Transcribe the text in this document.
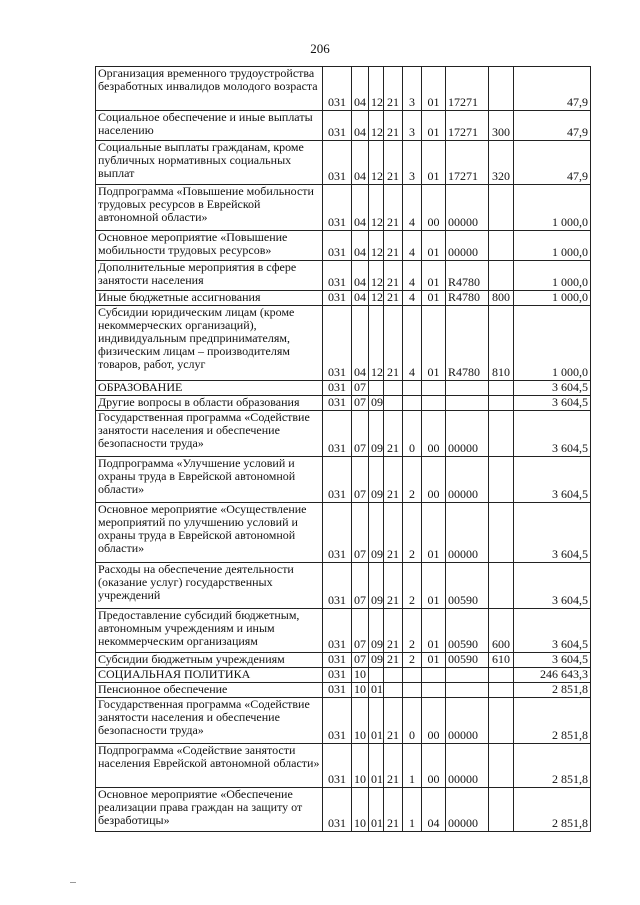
206
Организация временного трудоустройства безработных инвалидов молодого возраста	031	04	12	21	3	01	17271		47,9
Социальное обеспечение и иные выплаты населению	031	04	12	21	3	01	17271	300	47,9
Социальные выплаты гражданам, кроме публичных нормативных социальных выплат	031	04	12	21	3	01	17271	320	47,9
Подпрограмма «Повышение мобильности трудовых ресурсов в Еврейской автономной области»	031	04	12	21	4	00	00000		1 000,0
Основное мероприятие «Повышение мобильности трудовых ресурсов»	031	04	12	21	4	01	00000		1 000,0
Дополнительные мероприятия в сфере занятости населения	031	04	12	21	4	01	R4780		1 000,0
Иные бюджетные ассигнования	031	04	12	21	4	01	R4780	800	1 000,0
Субсидии юридическим лицам (кроме некоммерческих организаций), индивидуальным предпринимателям, физическим лицам – производителям товаров, работ, услуг	031	04	12	21	4	01	R4780	810	1 000,0
ОБРАЗОВАНИЕ	031	07							3 604,5
Другие вопросы в области образования	031	07	09						3 604,5
Государственная программа «Содействие занятости населения и обеспечение безопасности труда»	031	07	09	21	0	00	00000		3 604,5
Подпрограмма «Улучшение условий и охраны труда в Еврейской автономной области»	031	07	09	21	2	00	00000		3 604,5
Основное мероприятие «Осуществление мероприятий по улучшению условий и охраны труда в Еврейской автономной области»	031	07	09	21	2	01	00000		3 604,5
Расходы на обеспечение деятельности (оказание услуг) государственных учреждений	031	07	09	21	2	01	00590		3 604,5
Предоставление субсидий бюджетным, автономным учреждениям и иным некоммерческим организациям	031	07	09	21	2	01	00590	600	3 604,5
Субсидии бюджетным учреждениям	031	07	09	21	2	01	00590	610	3 604,5
СОЦИАЛЬНАЯ ПОЛИТИКА	031	10							246 643,3
Пенсионное обеспечение	031	10	01						2 851,8
Государственная программа «Содействие занятости населения и обеспечение безопасности труда»	031	10	01	21	0	00	00000		2 851,8
Подпрограмма «Содействие занятости населения Еврейской автономной области»	031	10	01	21	1	00	00000		2 851,8
Основное мероприятие «Обеспечение реализации права граждан на защиту от безработицы»	031	10	01	21	1	04	00000		2 851,8
